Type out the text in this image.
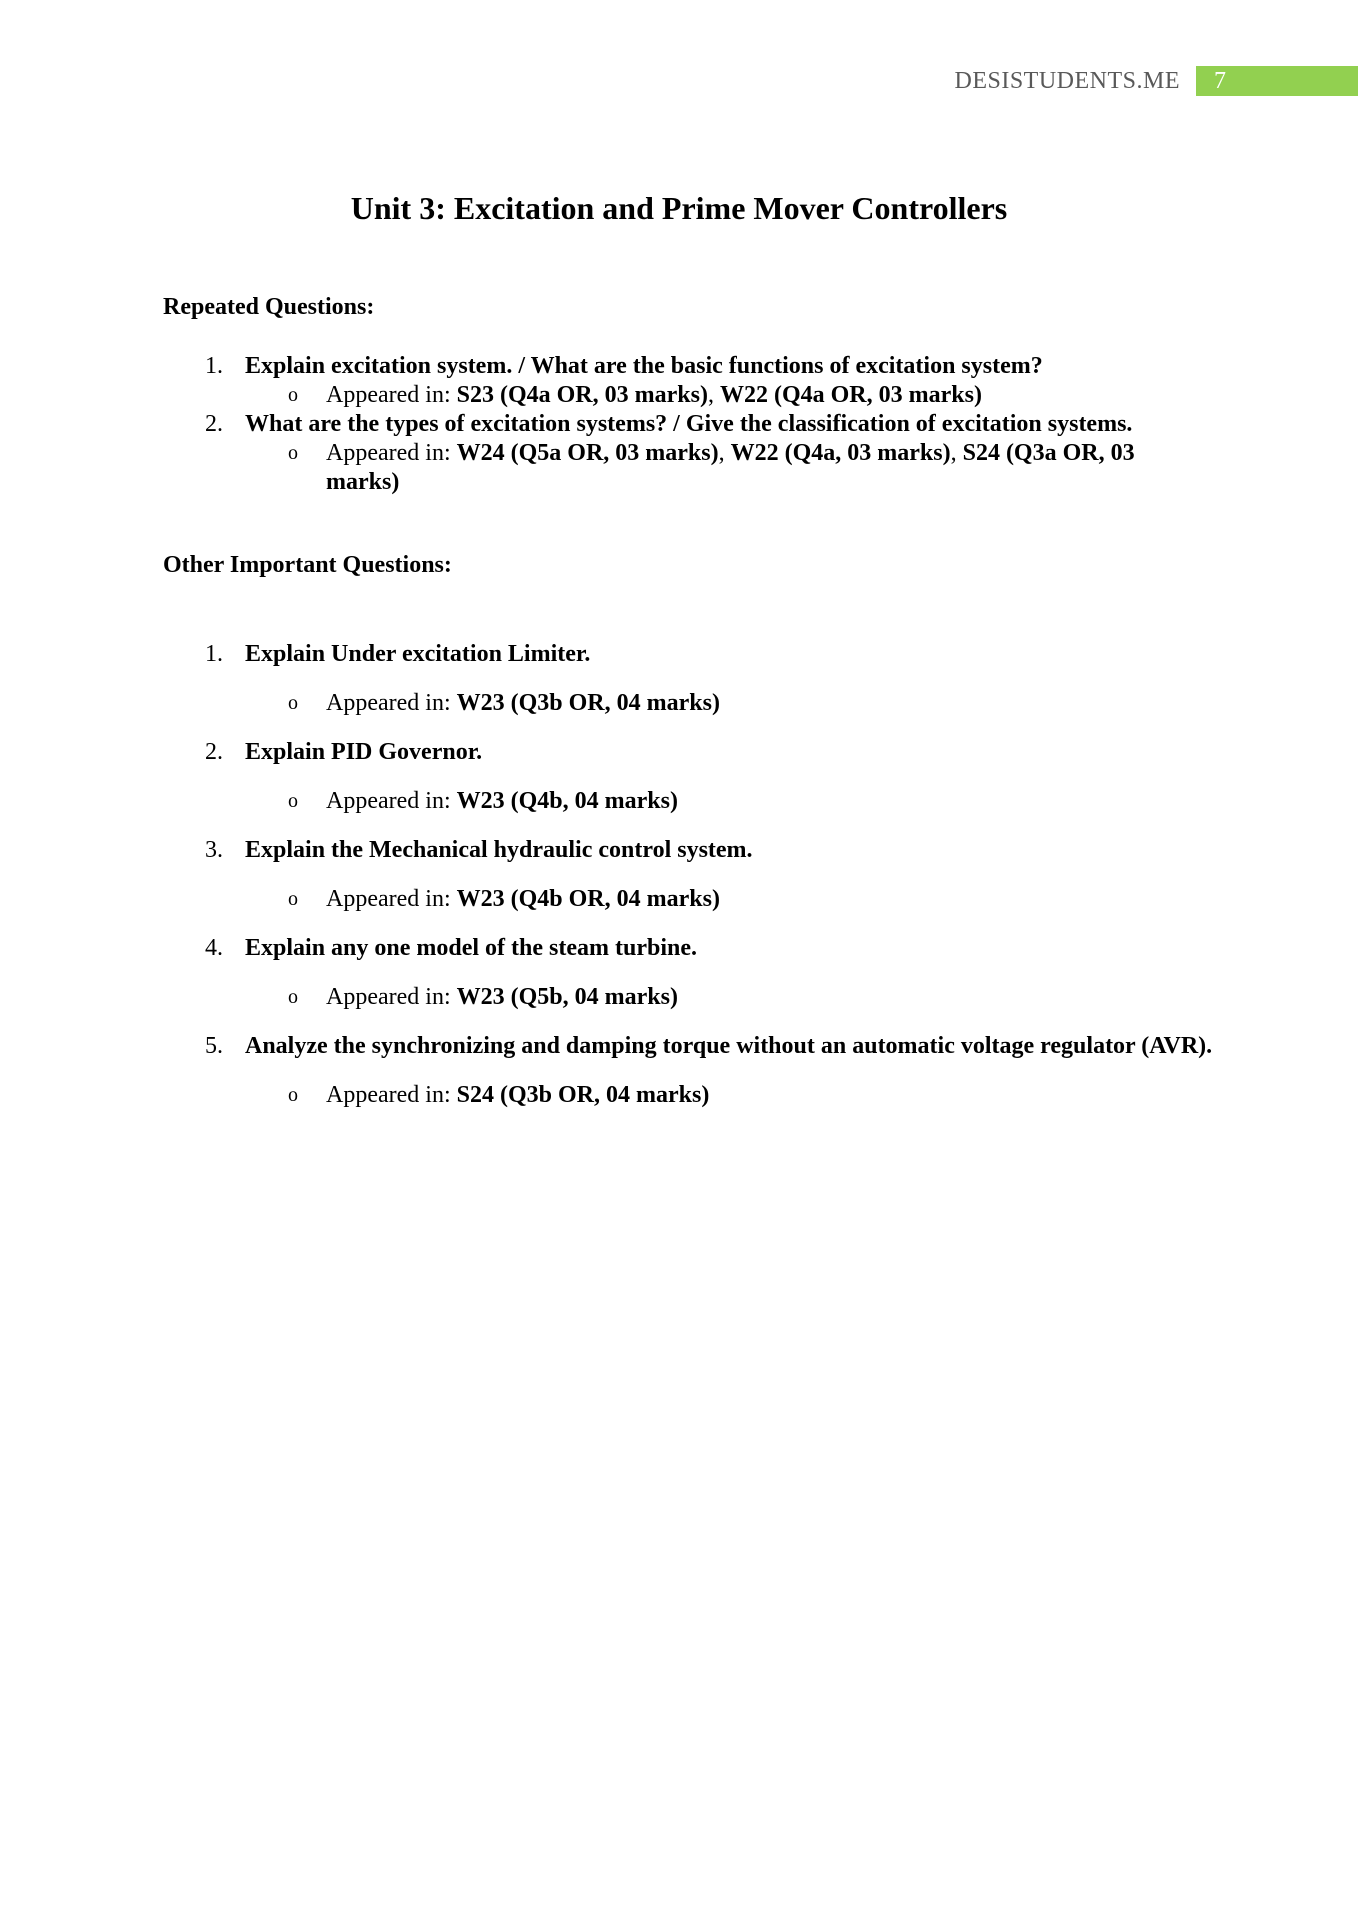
DESISTUDENTS.ME	7
Unit 3: Excitation and Prime Mover Controllers
Repeated Questions:
1. Explain excitation system. / What are the basic functions of excitation system?
o	Appeared in: S23 (Q4a OR, 03 marks), W22 (Q4a OR, 03 marks)
2. What are the types of excitation systems? / Give the classification of excitation systems.
o	Appeared in: W24 (Q5a OR, 03 marks), W22 (Q4a, 03 marks), S24 (Q3a OR, 03 marks)
Other Important Questions:
1. Explain Under excitation Limiter.
o	Appeared in: W23 (Q3b OR, 04 marks)
2. Explain PID Governor.
o	Appeared in: W23 (Q4b, 04 marks)
3. Explain the Mechanical hydraulic control system.
o	Appeared in: W23 (Q4b OR, 04 marks)
4. Explain any one model of the steam turbine.
o	Appeared in: W23 (Q5b, 04 marks)
5. Analyze the synchronizing and damping torque without an automatic voltage regulator (AVR).
o	Appeared in: S24 (Q3b OR, 04 marks)
